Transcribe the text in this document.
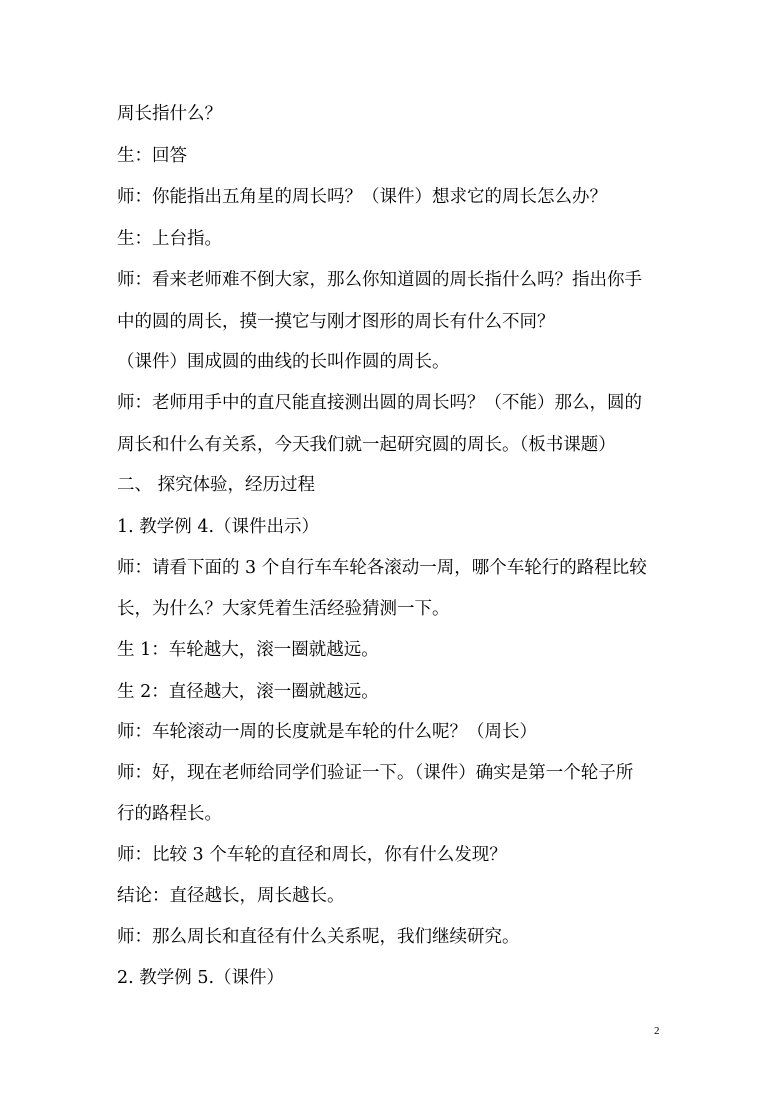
周长指什么？
生：回答
师：你能指出五角星的周长吗？（课件）想求它的周长怎么办？
生：上台指。
师：看来老师难不倒大家，那么你知道圆的周长指什么吗？指出你手
中的圆的周长，摸一摸它与刚才图形的周长有什么不同？
（课件）围成圆的曲线的长叫作圆的周长。
师：老师用手中的直尺能直接测出圆的周长吗？（不能）那么，圆的
周长和什么有关系，今天我们就一起研究圆的周长。（板书课题）
二、 探究体验，经历过程
1. 教学例 4.（课件出示）
师：请看下面的 3 个自行车车轮各滚动一周，哪个车轮行的路程比较
长，为什么？大家凭着生活经验猜测一下。
生 1：车轮越大，滚一圈就越远。
生 2：直径越大，滚一圈就越远。
师：车轮滚动一周的长度就是车轮的什么呢？（周长）
师：好，现在老师给同学们验证一下。（课件）确实是第一个轮子所
行的路程长。
师：比较 3 个车轮的直径和周长，你有什么发现？
结论：直径越长，周长越长。
师：那么周长和直径有什么关系呢，我们继续研究。
2. 教学例 5.（课件）
2
